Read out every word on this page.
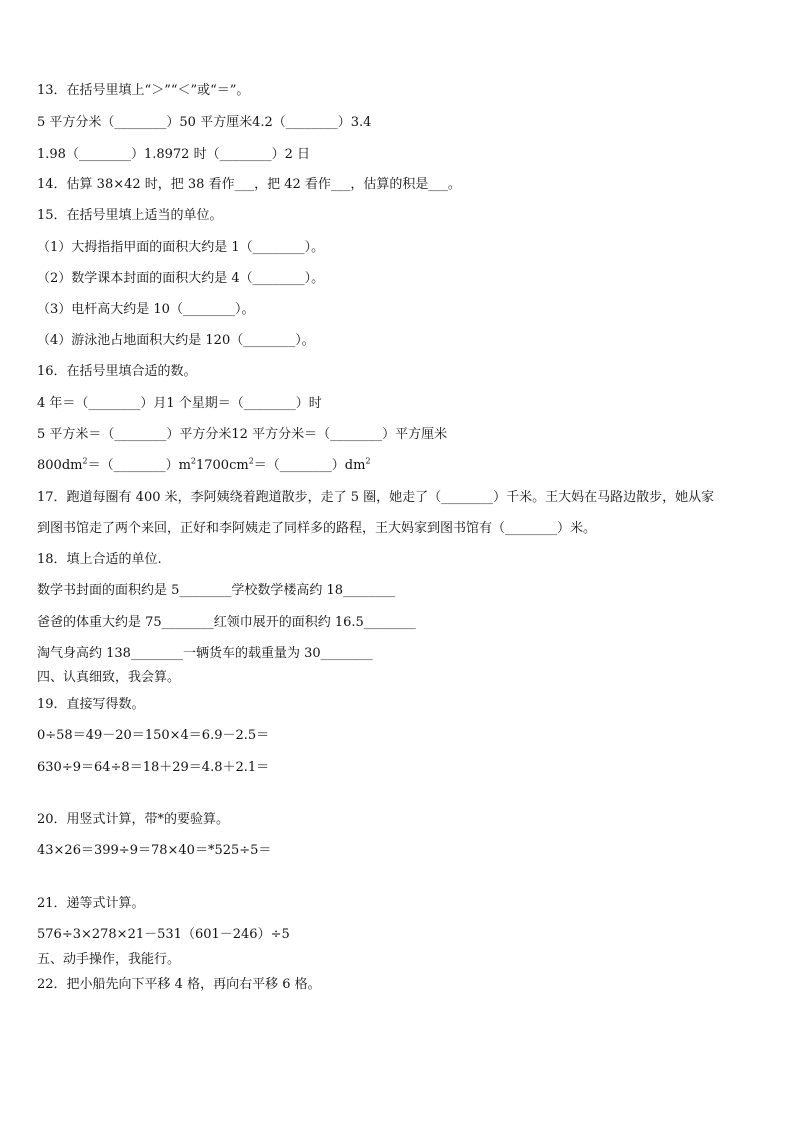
13．在括号里填上“＞”“＜”或“＝”。
5 平方分米（________）50 平方厘米4.2（________）3.4
1.98（________）1.8972 时（________）2 日
14．估算 38×42 时，把 38 看作___，把 42 看作___，估算的积是___。
15．在括号里填上适当的单位。
（1）大拇指指甲面的面积大约是 1（________）。
（2）数学课本封面的面积大约是 4（________）。
（3）电杆高大约是 10（________）。
（4）游泳池占地面积大约是 120（________）。
16．在括号里填合适的数。
4 年＝（________）月1 个星期＝（________）时
5 平方米＝（________）平方分米12 平方分米＝（________）平方厘米
$800dm^2=(\_\_\_\_\_\_\_\_)m^21700cm^2=(\_\_\_\_\_\_\_\_)dm^2$
17．跑道每圈有 400 米，李阿姨绕着跑道散步，走了 5 圈，她走了（________）千米。王大妈在马路边散步，她从家
到图书馆走了两个来回，正好和李阿姨走了同样多的路程，王大妈家到图书馆有（________）米。
18．填上合适的单位.
数学书封面的面积约是 5________学校数学楼高约 18________
爸爸的体重大约是 75________红领巾展开的面积约 16.5________
淘气身高约 138________一辆货车的载重量为 30________
四、认真细致，我会算。
19．直接写得数。
0÷58＝49－20＝150×4＝6.9－2.5＝
630÷9＝64÷8＝18＋29＝4.8＋2.1＝
20．用竖式计算，带*的要验算。
43×26＝399÷9＝78×40＝*525÷5＝
21．递等式计算。
576÷3×278×21－531（601－246）÷5
五、动手操作，我能行。
22．把小船先向下平移 4 格，再向右平移 6 格。
